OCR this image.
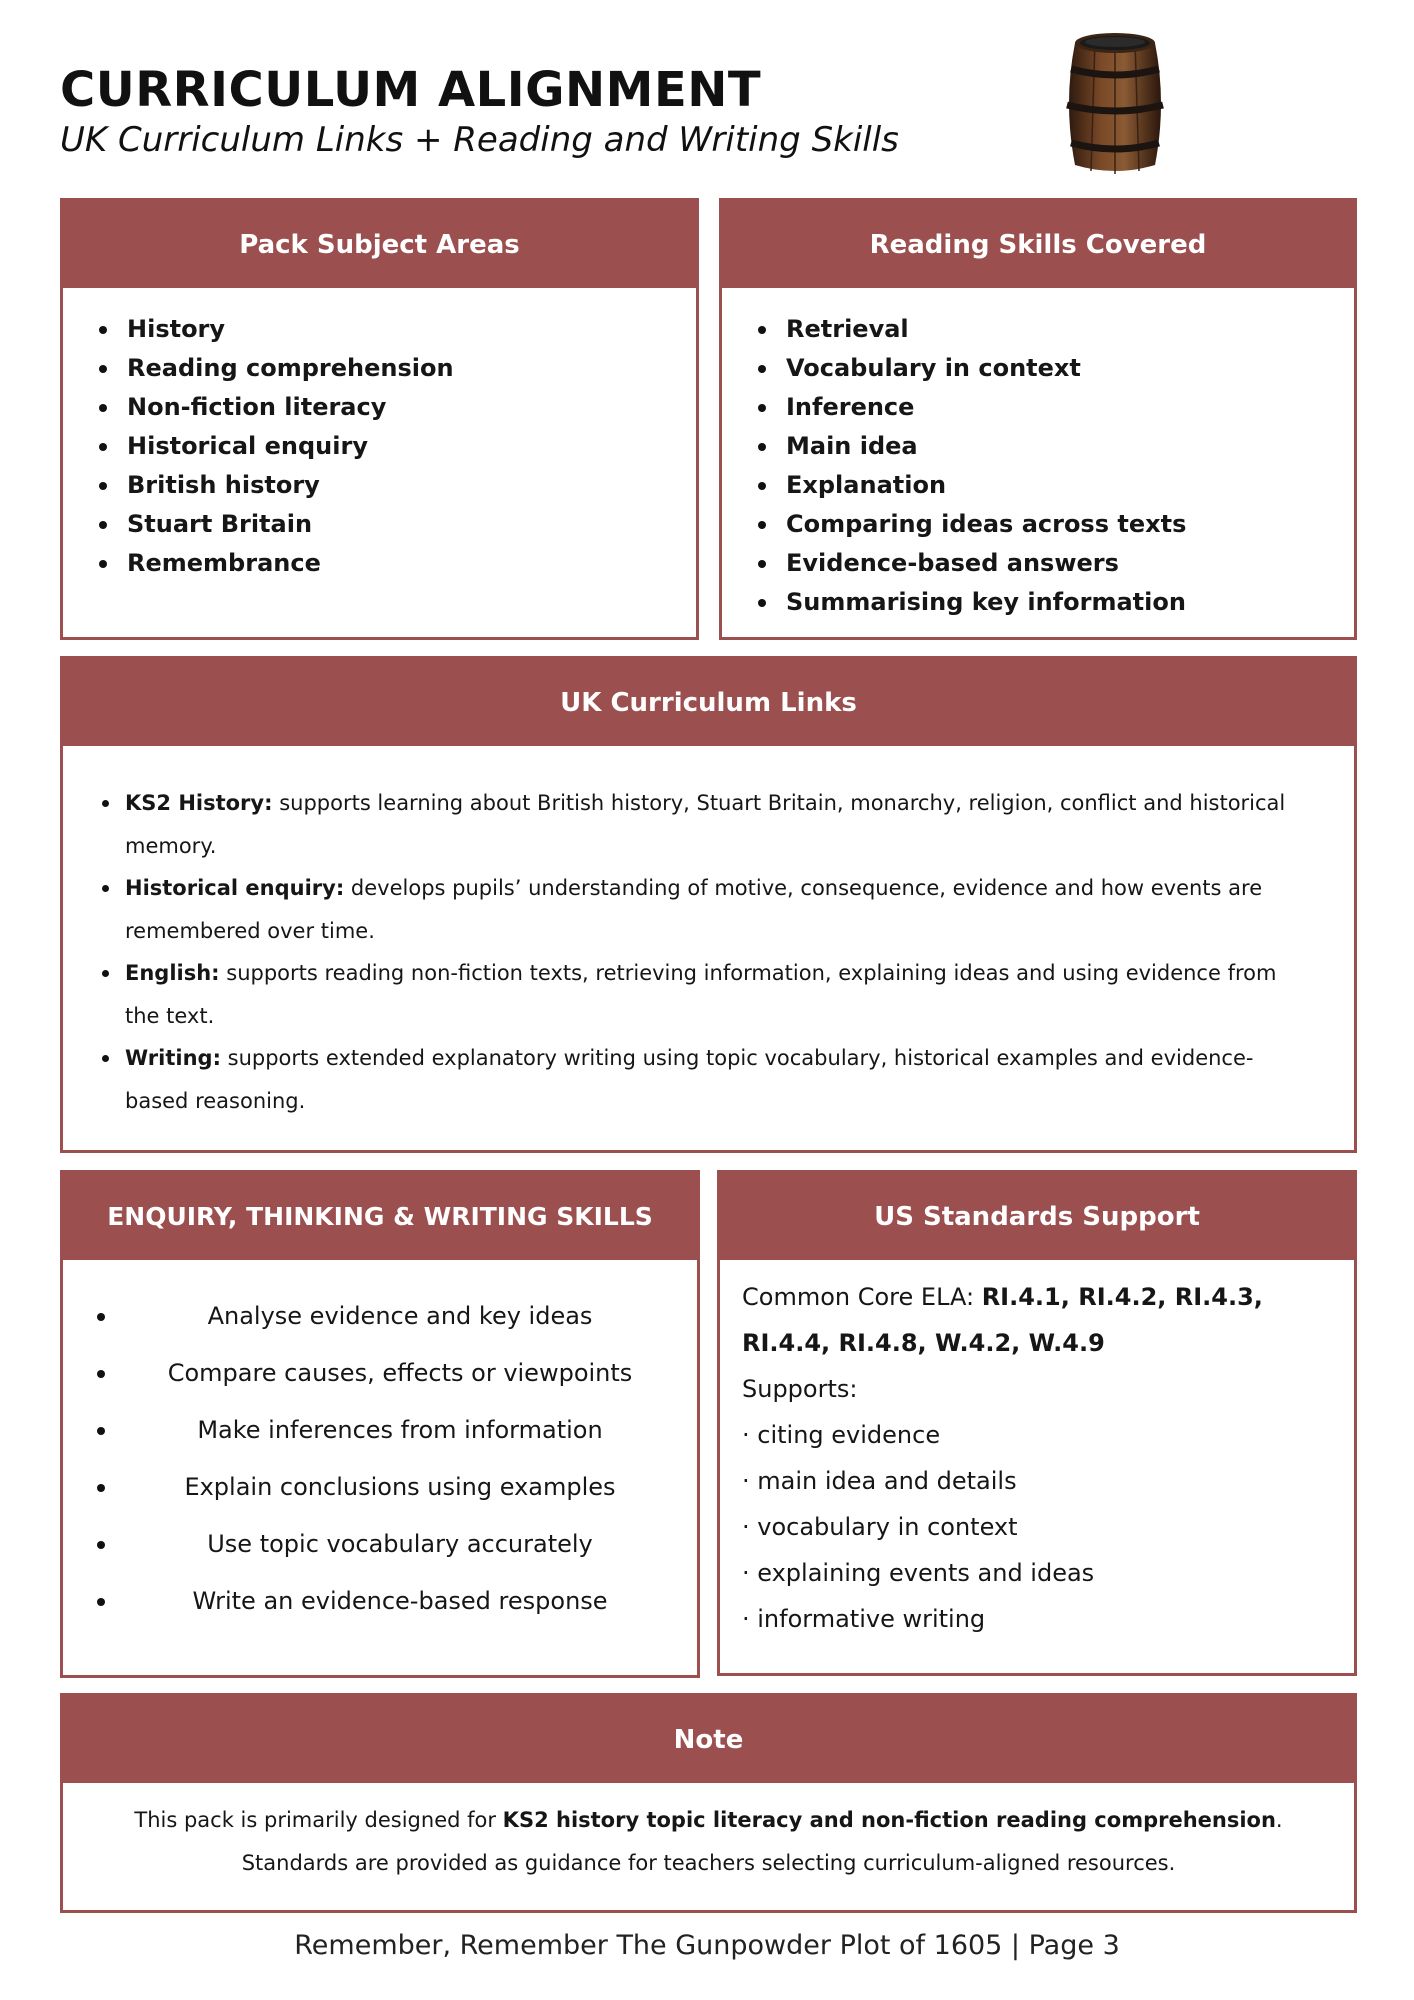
CURRICULUM ALIGNMENT
UK Curriculum Links + Reading and Writing Skills
Pack Subject Areas
History
Reading comprehension
Non-fiction literacy
Historical enquiry
British history
Stuart Britain
Remembrance
Reading Skills Covered
Retrieval
Vocabulary in context
Inference
Main idea
Explanation
Comparing ideas across texts
Evidence-based answers
Summarising key information
UK Curriculum Links
KS2 History: supports learning about British history, Stuart Britain, monarchy, religion, conflict and historical memory.
Historical enquiry: develops pupils’ understanding of motive, consequence, evidence and how events are remembered over time.
English: supports reading non-fiction texts, retrieving information, explaining ideas and using evidence from the text.
Writing: supports extended explanatory writing using topic vocabulary, historical examples and evidence-based reasoning.
ENQUIRY, THINKING & WRITING SKILLS
Analyse evidence and key ideas
Compare causes, effects or viewpoints
Make inferences from information
Explain conclusions using examples
Use topic vocabulary accurately
Write an evidence-based response
US Standards Support
Common Core ELA: RI.4.1, RI.4.2, RI.4.3,
RI.4.4, RI.4.8, W.4.2, W.4.9
Supports:
· citing evidence
· main idea and details
· vocabulary in context
· explaining events and ideas
· informative writing
Note
This pack is primarily designed for KS2 history topic literacy and non-fiction reading comprehension.
Standards are provided as guidance for teachers selecting curriculum-aligned resources.
Remember, Remember The Gunpowder Plot of 1605 | Page 3
